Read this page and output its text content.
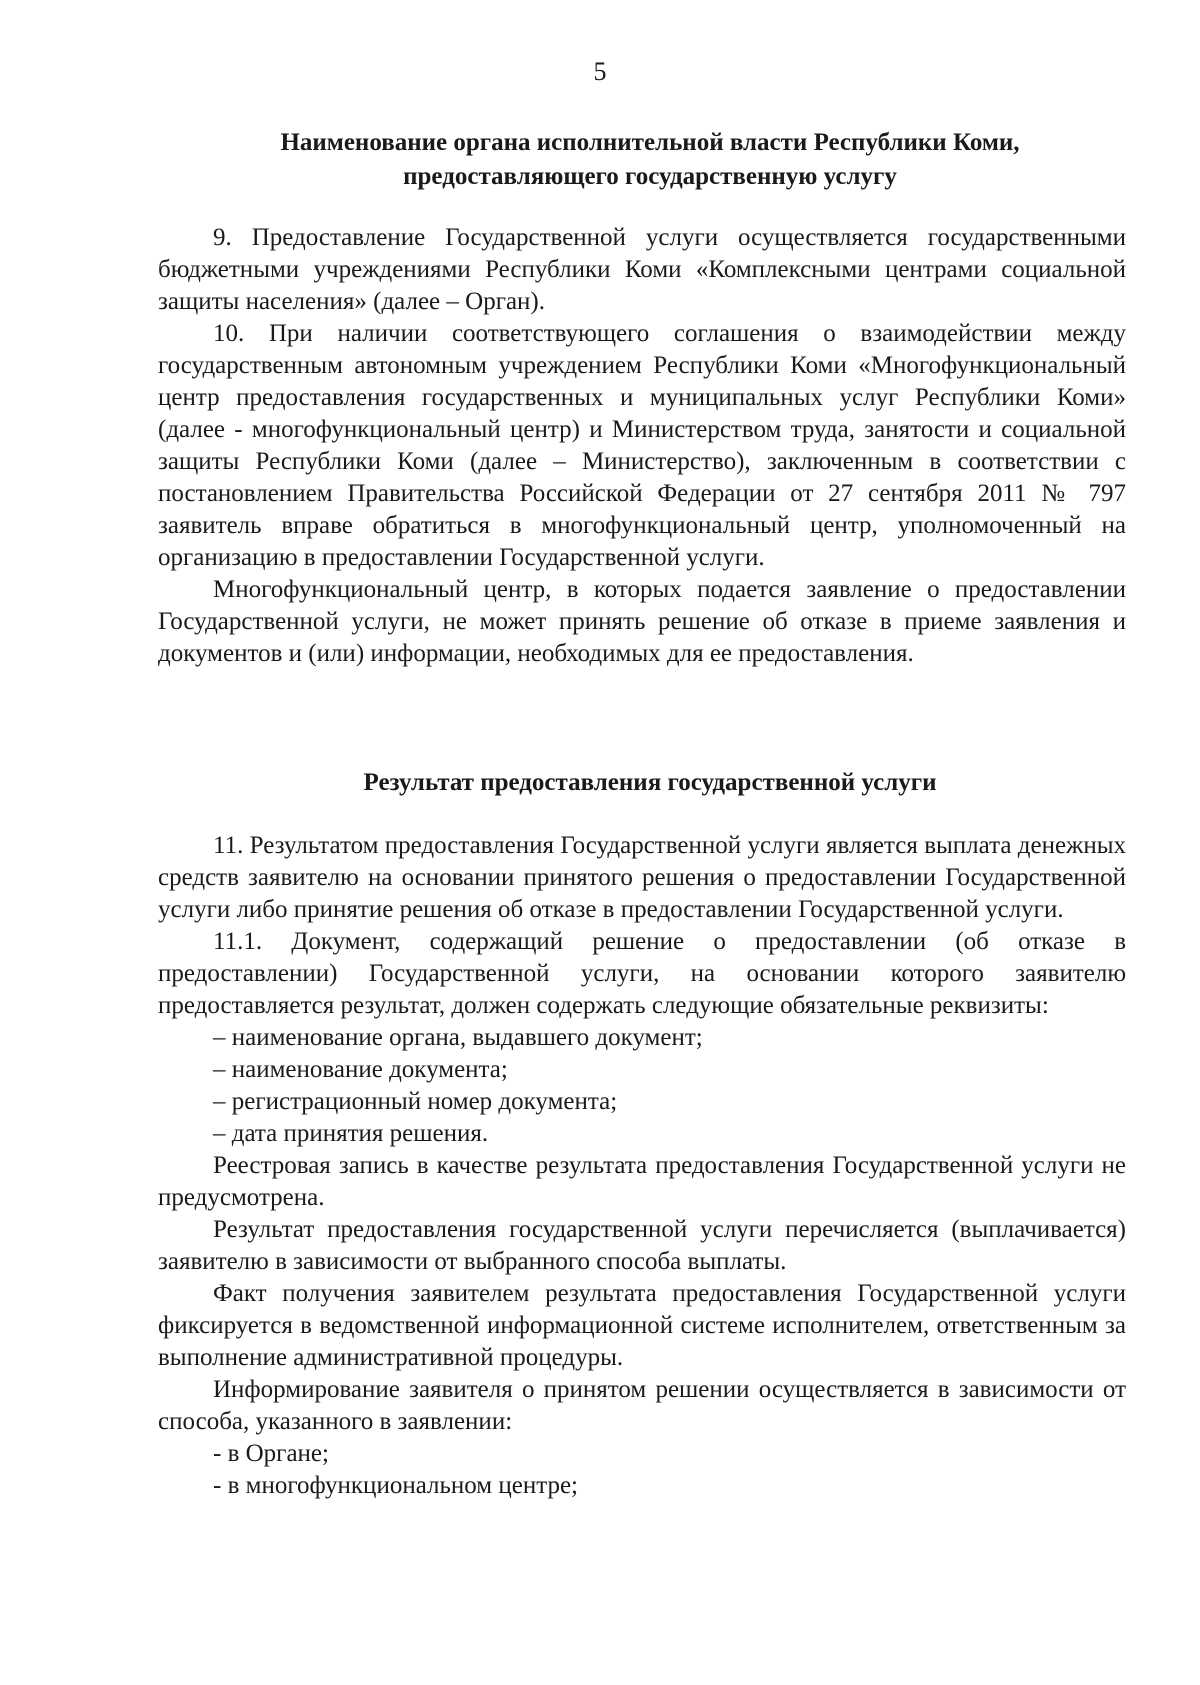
5

Наименование органа исполнительной власти Республики Коми,

предоставляющего государственную услугу

9. Предоставление Государственной услуги осуществляется государственными бюджетными учреждениями Республики Коми «Комплексными центрами социальной защиты населения» (далее – Орган).

10. При наличии соответствующего соглашения о взаимодействии между государственным автономным учреждением Республики Коми «Многофункциональный центр предоставления государственных и муниципальных услуг Республики Коми» (далее - многофункциональный центр) и Министерством труда, занятости и социальной защиты Республики Коми (далее – Министерство), заключенным в соответствии с постановлением Правительства Российской Федерации от 27 сентября 2011 № 797 заявитель вправе обратиться в многофункциональный центр, уполномоченный на организацию в предоставлении Государственной услуги.

Многофункциональный центр, в которых подается заявление о предоставлении Государственной услуги, не может принять решение об отказе в приеме заявления и документов и (или) информации, необходимых для ее предоставления.

Результат предоставления государственной услуги

11. Результатом предоставления Государственной услуги является выплата денежных средств заявителю на основании принятого решения о предоставлении Государственной услуги либо принятие решения об отказе в предоставлении Государственной услуги.

11.1. Документ, содержащий решение о предоставлении (об отказе в предоставлении) Государственной услуги, на основании которого заявителю предоставляется результат, должен содержать следующие обязательные реквизиты:

– наименование органа, выдавшего документ;

– наименование документа;

– регистрационный номер документа;

– дата принятия решения.

Реестровая запись в качестве результата предоставления Государственной услуги не предусмотрена.

Результат предоставления государственной услуги перечисляется (выплачивается) заявителю в зависимости от выбранного способа выплаты.

Факт получения заявителем результата предоставления Государственной услуги фиксируется в ведомственной информационной системе исполнителем, ответственным за выполнение административной процедуры.

Информирование заявителя о принятом решении осуществляется в зависимости от способа, указанного в заявлении:

- в Органе;

- в многофункциональном центре;
